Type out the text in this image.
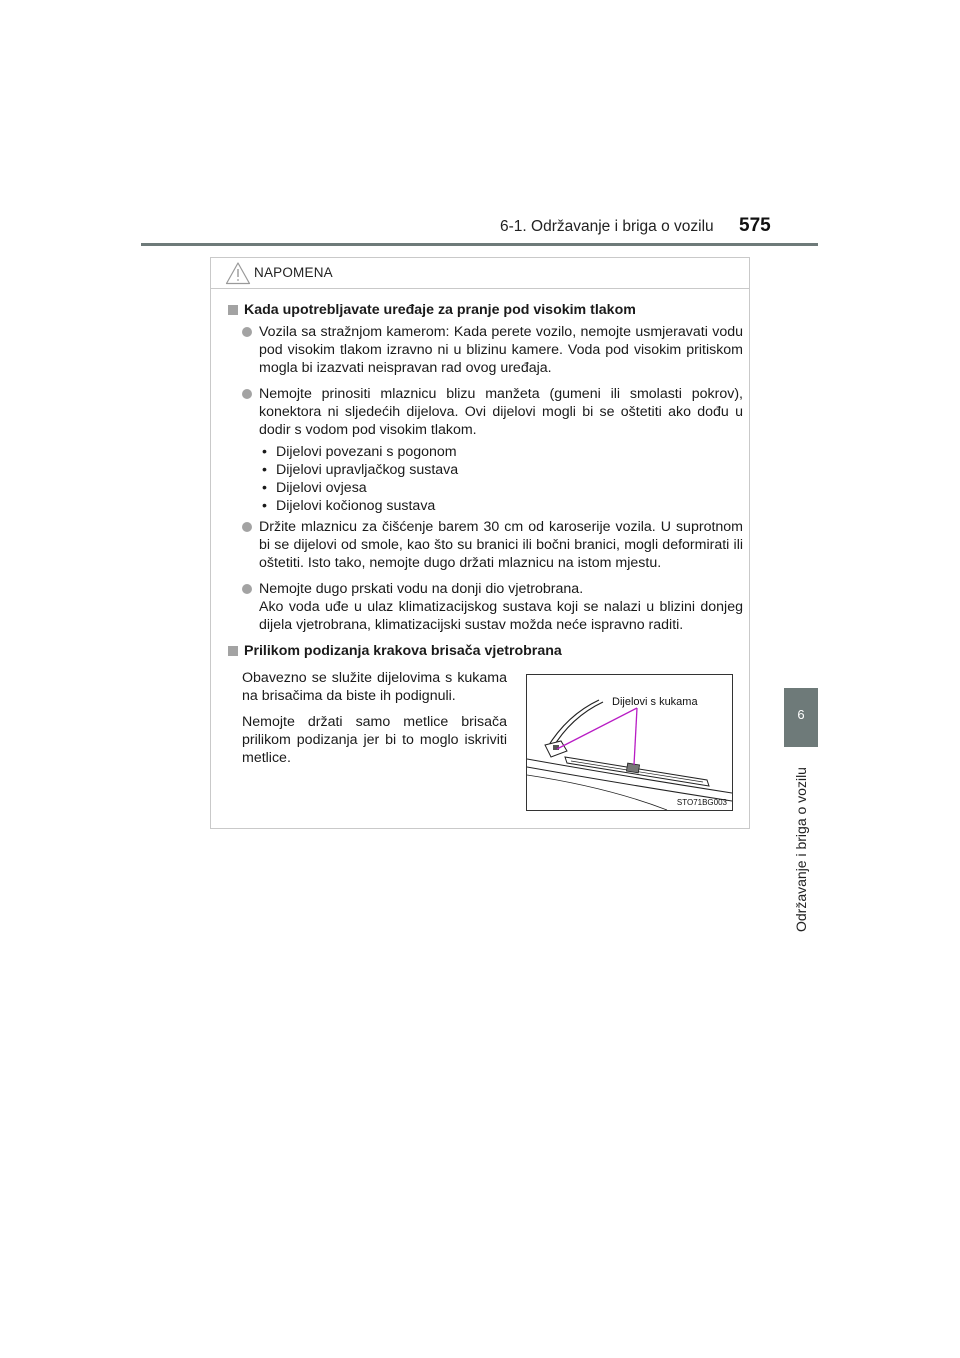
6-1. Održavanje i briga o vozilu 575
6
Održavanje i briga o vozilu
NAPOMENA
Kada upotrebljavate uređaje za pranje pod visokim tlakom

Vozila sa stražnjom kamerom: Kada perete vozilo, nemojte usmjeravati vodu pod visokim tlakom izravno ni u blizinu kamere. Voda pod visokim pritiskom mogla bi izazvati neispravan rad ovog uređaja.

Nemojte prinositi mlaznicu blizu manžeta (gumeni ili smolasti pokrov), konektora ni sljedećih dijelova. Ovi dijelovi mogli bi se oštetiti ako dođu u dodir s vodom pod visokim tlakom.

• Dijelovi povezani s pogonom
• Dijelovi upravljačkog sustava
• Dijelovi ovjesa
• Dijelovi kočionog sustava

Držite mlaznicu za čišćenje barem 30 cm od karoserije vozila. U suprotnom bi se dijelovi od smole, kao što su branici ili bočni branici, mogli deformirati ili oštetiti. Isto tako, nemojte dugo držati mlaznicu na istom mjestu.

Nemojte dugo prskati vodu na donji dio vjetrobrana.

Ako voda uđe u ulaz klimatizacijskog sustava koji se nalazi u blizini donjeg dijela vjetrobrana, klimatizacijski sustav možda neće ispravno raditi.

Prilikom podizanja krakova brisača vjetrobrana

Obavezno se služite dijelovima s kukama na brisačima da biste ih podignuli.

Nemojte držati samo metlice brisača prilikom podizanja jer bi to moglo iskriviti metlice.

Dijelovi s kukama
STO71BG003
